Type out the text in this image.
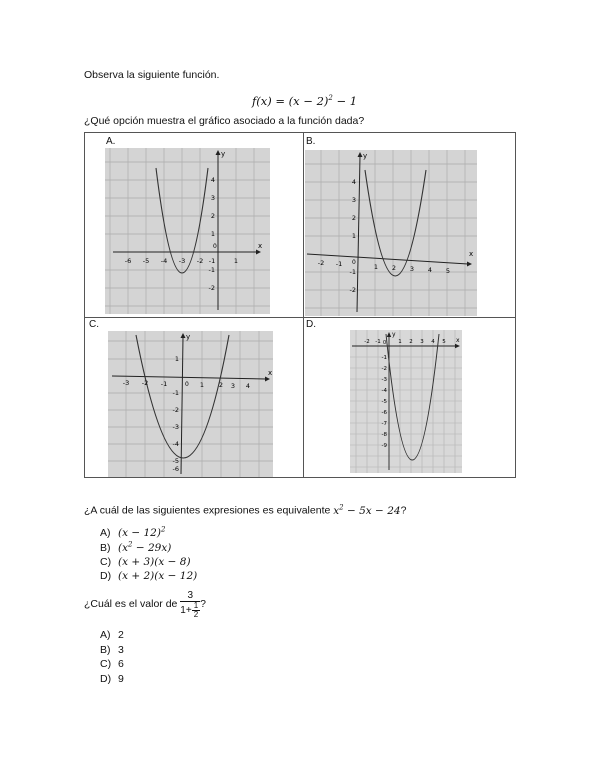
Observa la siguiente función.
$f(x) = (x - 2)^2 - 1$
¿Qué opción muestra el gráfico asociado a la función dada?
A.	B.
C.	D.
x
y
0
-6 -5 -4 -3 -2 -1	1
4
3
2
1
-1
-2
x
y
0
-2 -1	1 2 3 4 5
4
3
2
1
-1
-2
x
y
0
-3 -2 -1	1 2 3 4
1
-1
-2
-3
-4
-5
-6
x
y
0
-2 -1	1 2 3 4 5
-1
-2
-3
-4
-5
-6
-7
-8
-9
¿A cuál de las siguientes expresiones es equivalente $x^2 - 5x - 24$?
A) $(x - 12)^2$
B) $(x^2 - 29x)$
C) (x + 3)(x − 8)
D) (x + 2)(x − 12)
¿Cuál es el valor de $\frac{3}{1+ \frac{1}{2}}$ ?
A) 2
B) 3
C) 6
D) 9
